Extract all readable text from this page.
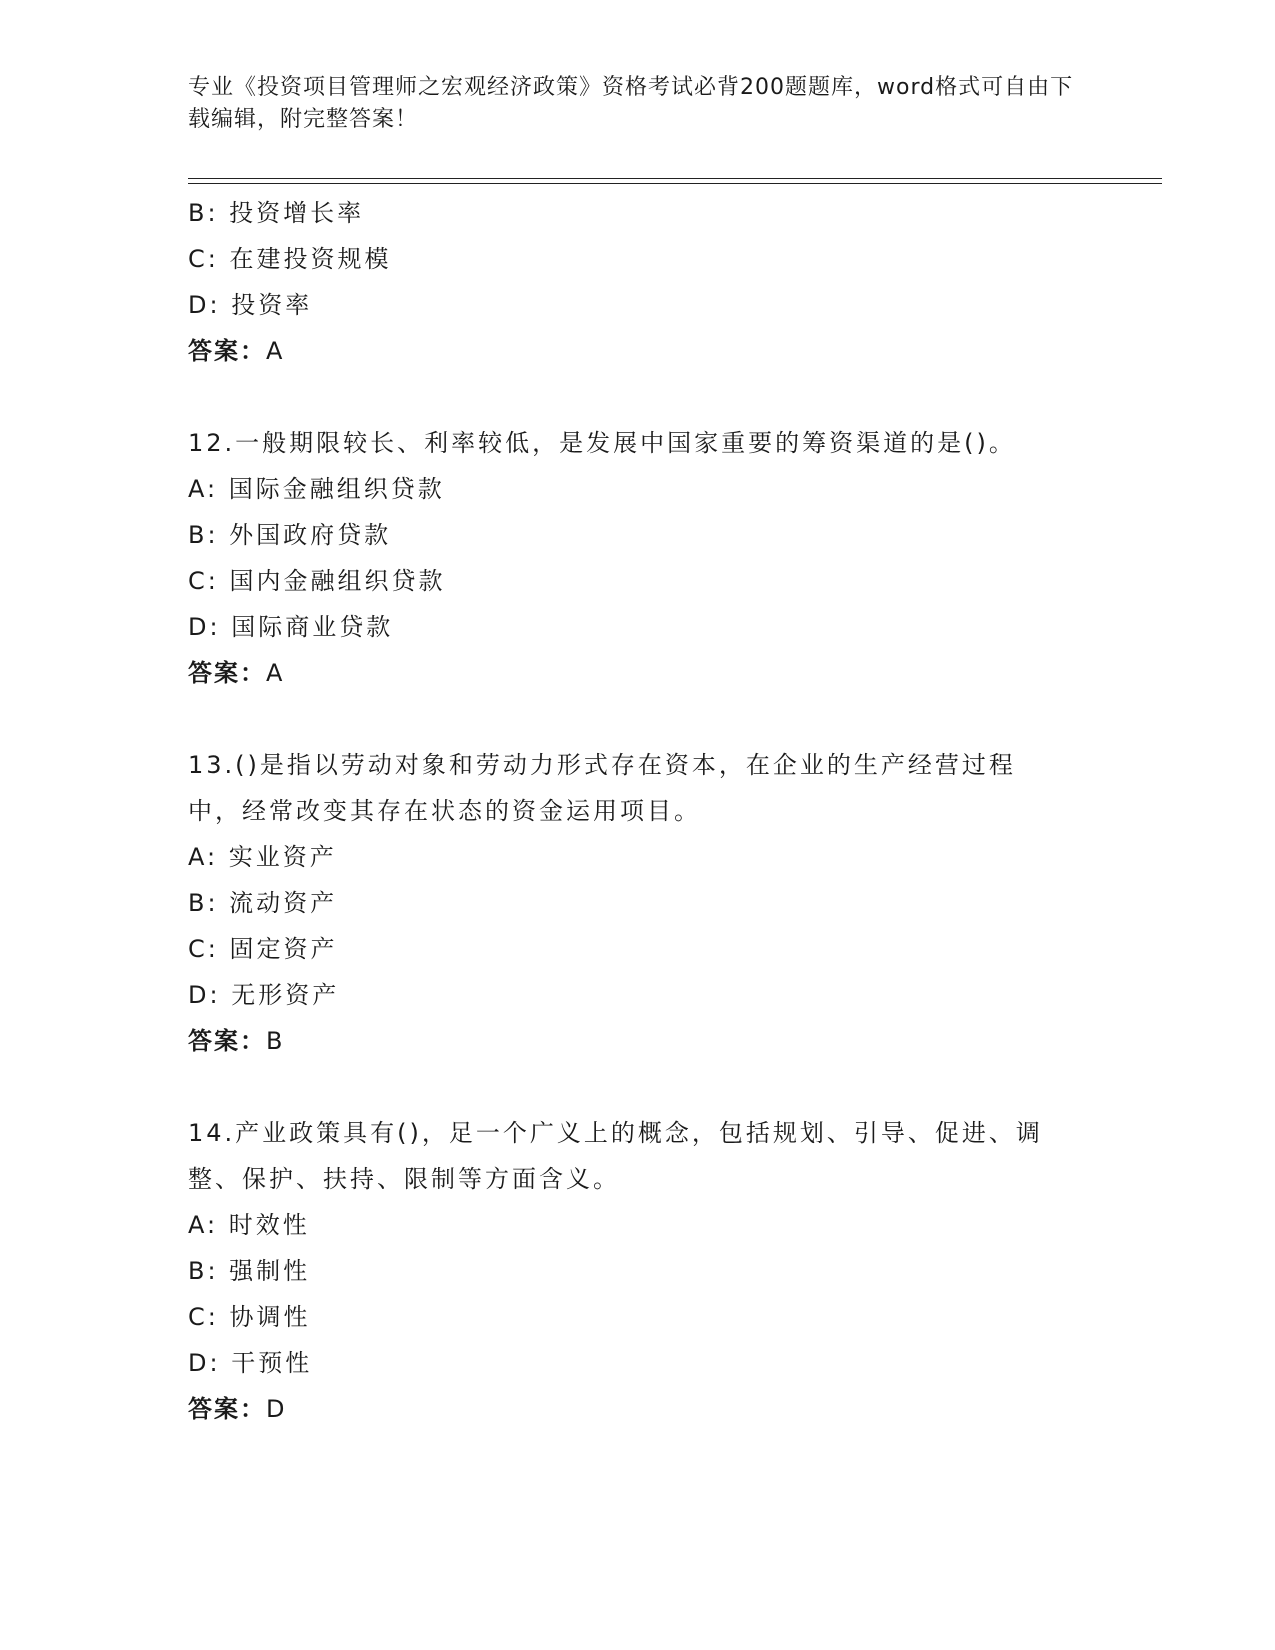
专业《投资项目管理师之宏观经济政策》资格考试必背200题题库，word格式可自由下载编辑，附完整答案！
B: 投资增长率
C: 在建投资规模
D: 投资率
答案：A
12.一般期限较长、利率较低，是发展中国家重要的筹资渠道的是()。
A: 国际金融组织贷款
B: 外国政府贷款
C: 国内金融组织贷款
D: 国际商业贷款
答案：A
13.()是指以劳动对象和劳动力形式存在资本，在企业的生产经营过程中，经常改变其存在状态的资金运用项目。
A: 实业资产
B: 流动资产
C: 固定资产
D: 无形资产
答案：B
14.产业政策具有()，足一个广义上的概念，包括规划、引导、促进、调整、保护、扶持、限制等方面含义。
A: 时效性
B: 强制性
C: 协调性
D: 干预性
答案：D
